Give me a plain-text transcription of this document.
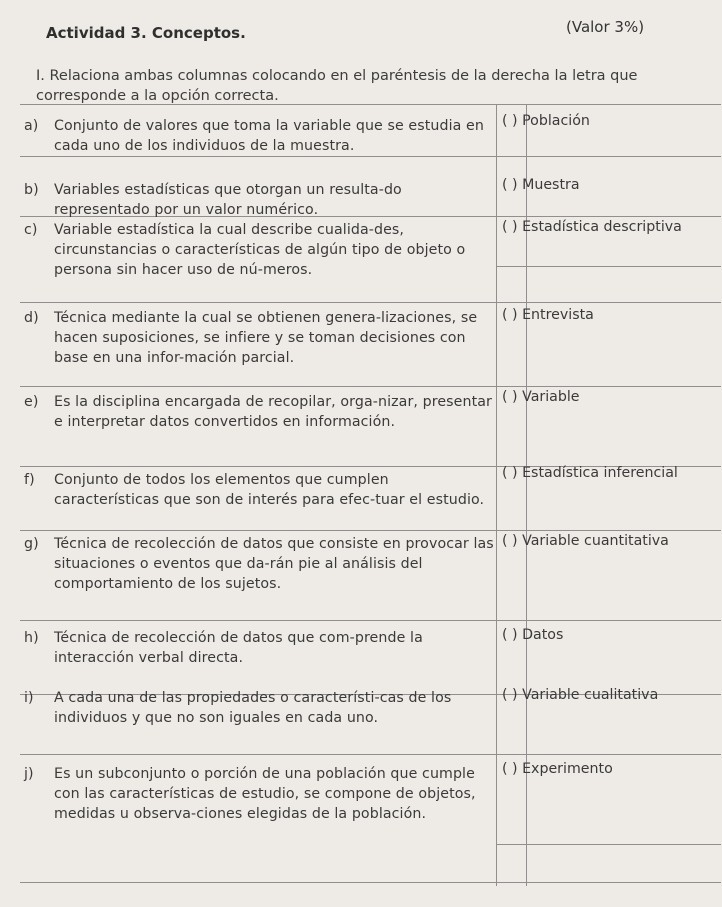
Actividad 3. Conceptos.	(Valor 3%)
I. Relaciona ambas columnas colocando en el paréntesis de la derecha la letra que corresponde a la opción correcta.
a) Conjunto de valores que toma la variable que se estudia en cada uno de los individuos de la muestra.
b) Variables estadísticas que otorgan un resulta-do representado por un valor numérico.
c) Variable estadística la cual describe cualida-des, circunstancias o características de algún tipo de objeto o persona sin hacer uso de nú-meros.
d) Técnica mediante la cual se obtienen genera-lizaciones, se hacen suposiciones, se infiere y se toman decisiones con base en una infor-mación parcial.
e) Es la disciplina encargada de recopilar, orga-nizar, presentar e interpretar datos convertidos en información.
f) Conjunto de todos los elementos que cumplen características que son de interés para efec-tuar el estudio.
g) Técnica de recolección de datos que consiste en provocar las situaciones o eventos que da-rán pie al análisis del comportamiento de los sujetos.
h) Técnica de recolección de datos que com-prende la interacción verbal directa.
i) A cada una de las propiedades o característi-cas de los individuos y que no son iguales en cada uno.
j) Es un subconjunto o porción de una población que cumple con las características de estudio, se compone de objetos, medidas u observa-ciones elegidas de la población.
( ) Población
( ) Muestra
( ) Estadística descriptiva
( ) Entrevista
( ) Variable
( ) Estadística inferencial
( ) Variable cuantitativa
( ) Datos
( ) Variable cualitativa
( ) Experimento
